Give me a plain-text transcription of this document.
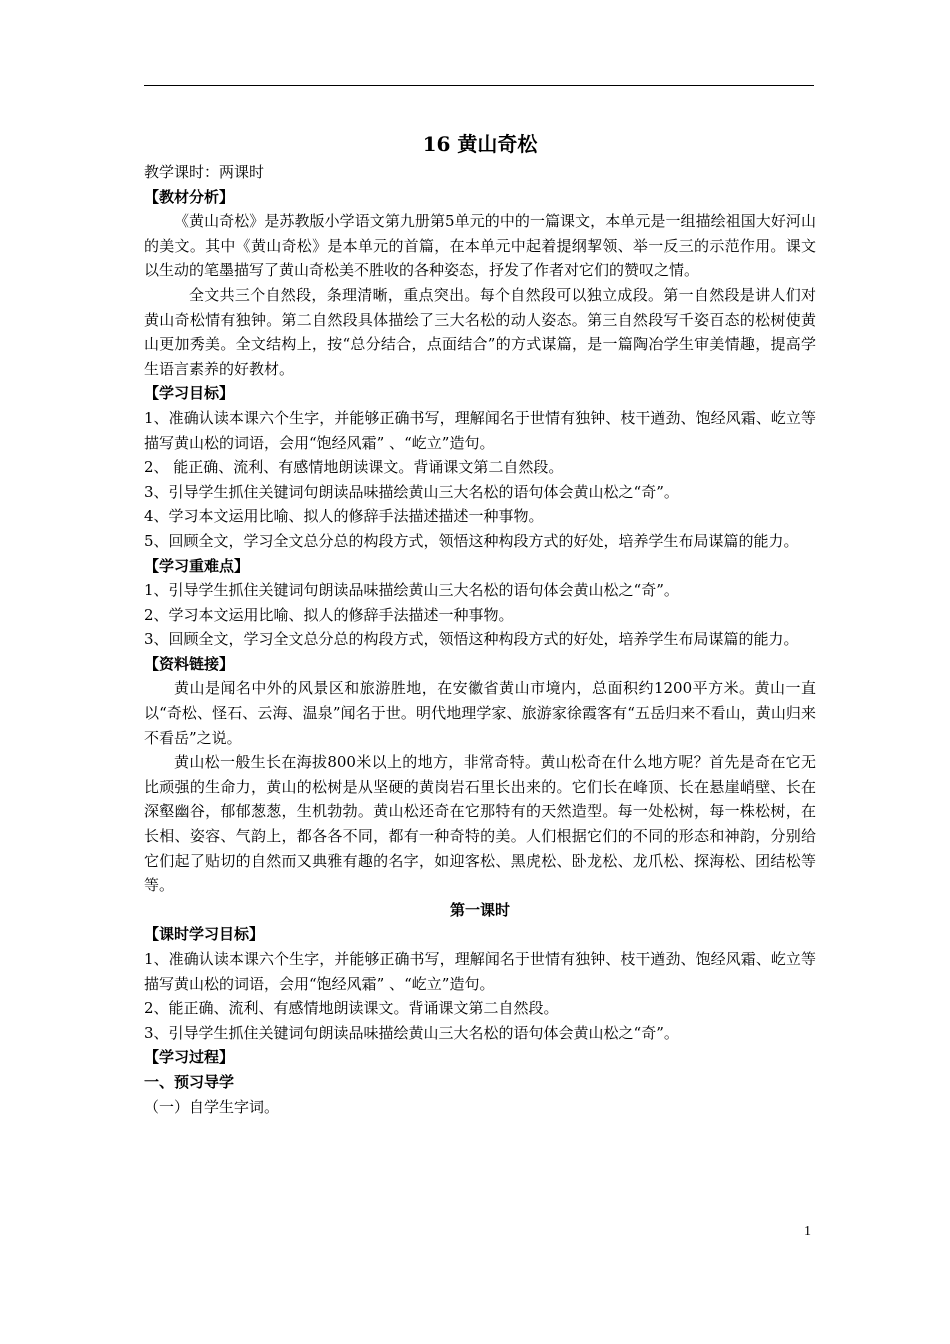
16 黄山奇松

教学课时：两课时

【教材分析】

《黄山奇松》是苏教版小学语文第九册第5单元的中的一篇课文，本单元是一组描绘祖国大好河山的美文。其中《黄山奇松》是本单元的首篇，在本单元中起着提纲挈领、举一反三的示范作用。课文以生动的笔墨描写了黄山奇松美不胜收的各种姿态，抒发了作者对它们的赞叹之情。

全文共三个自然段，条理清晰，重点突出。每个自然段可以独立成段。第一自然段是讲人们对黄山奇松情有独钟。第二自然段具体描绘了三大名松的动人姿态。第三自然段写千姿百态的松树使黄山更加秀美。全文结构上，按“总分结合，点面结合”的方式谋篇，是一篇陶冶学生审美情趣，提高学生语言素养的好教材。

【学习目标】

1、准确认读本课六个生字，并能够正确书写，理解闻名于世情有独钟、枝干遒劲、饱经风霜、屹立等描写黄山松的词语，会用“饱经风霜” 、“屹立”造句。

2、 能正确、流利、有感情地朗读课文。背诵课文第二自然段。

3、引导学生抓住关键词句朗读品味描绘黄山三大名松的语句体会黄山松之“奇”。

4、学习本文运用比喻、拟人的修辞手法描述描述一种事物。

5、回顾全文，学习全文总分总的构段方式，领悟这种构段方式的好处，培养学生布局谋篇的能力。

【学习重难点】

1、引导学生抓住关键词句朗读品味描绘黄山三大名松的语句体会黄山松之“奇”。

2、学习本文运用比喻、拟人的修辞手法描述一种事物。

3、回顾全文，学习全文总分总的构段方式，领悟这种构段方式的好处，培养学生布局谋篇的能力。

【资料链接】

黄山是闻名中外的风景区和旅游胜地，在安徽省黄山市境内，总面积约1200平方米。黄山一直以“奇松、怪石、云海、温泉”闻名于世。明代地理学家、旅游家徐霞客有“五岳归来不看山，黄山归来不看岳”之说。

黄山松一般生长在海拔800米以上的地方，非常奇特。黄山松奇在什么地方呢？首先是奇在它无比顽强的生命力，黄山的松树是从坚硬的黄岗岩石里长出来的。它们长在峰顶、长在悬崖峭壁、长在深壑幽谷，郁郁葱葱，生机勃勃。黄山松还奇在它那特有的天然造型。每一处松树，每一株松树，在长相、姿容、气韵上，都各各不同，都有一种奇特的美。人们根据它们的不同的形态和神韵，分别给它们起了贴切的自然而又典雅有趣的名字，如迎客松、黑虎松、卧龙松、龙爪松、探海松、团结松等等。

第一课时

【课时学习目标】

1、准确认读本课六个生字，并能够正确书写，理解闻名于世情有独钟、枝干遒劲、饱经风霜、屹立等描写黄山松的词语，会用“饱经风霜” 、“屹立”造句。

2、能正确、流利、有感情地朗读课文。背诵课文第二自然段。

3、引导学生抓住关键词句朗读品味描绘黄山三大名松的语句体会黄山松之“奇”。

【学习过程】

一、预习导学

（一）自学生字词。

1
